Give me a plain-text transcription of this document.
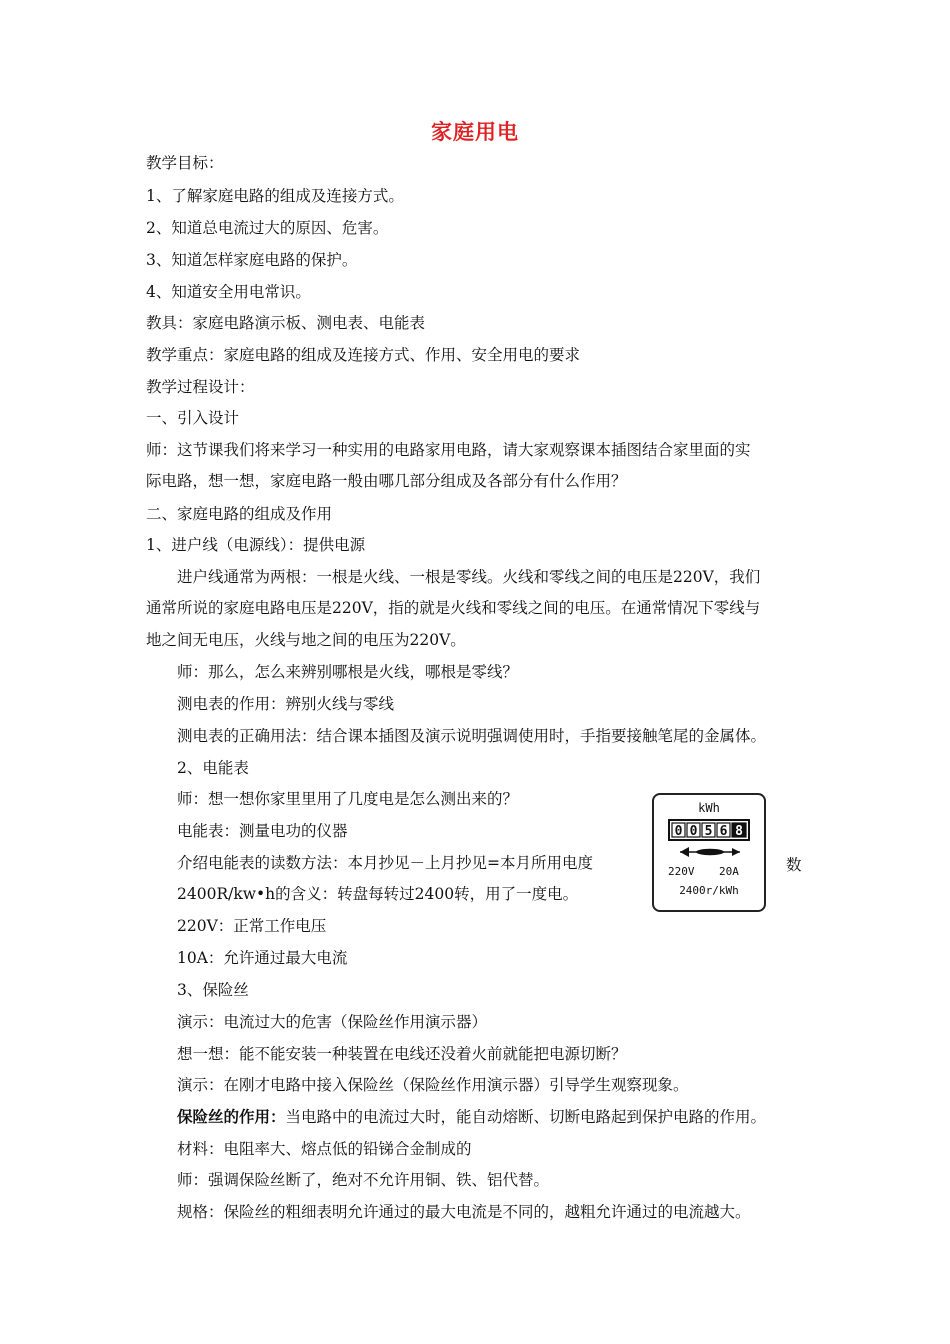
家庭用电
教学目标：
1、了解家庭电路的组成及连接方式。
2、知道总电流过大的原因、危害。
3、知道怎样家庭电路的保护。
4、知道安全用电常识。
教具：家庭电路演示板、测电表、电能表
教学重点：家庭电路的组成及连接方式、作用、安全用电的要求
教学过程设计：
一、引入设计
师：这节课我们将来学习一种实用的电路家用电路，请大家观察课本插图结合家里面的实
际电路，想一想，家庭电路一般由哪几部分组成及各部分有什么作用？
二、家庭电路的组成及作用
1、进户线（电源线）：提供电源
进户线通常为两根：一根是火线、一根是零线。火线和零线之间的电压是220V，我们
通常所说的家庭电路电压是220V，指的就是火线和零线之间的电压。在通常情况下零线与
地之间无电压，火线与地之间的电压为220V。
师：那么，怎么来辨别哪根是火线，哪根是零线？
测电表的作用：辨别火线与零线
测电表的正确用法：结合课本插图及演示说明强调使用时，手指要接触笔尾的金属体。
2、电能表
师：想一想你家里里用了几度电是怎么测出来的？
电能表：测量电功的仪器
介绍电能表的读数方法：本月抄见－上月抄见=本月所用电度	数
2400R/kw•h的含义：转盘每转过2400转，用了一度电。
220V：正常工作电压
10A：允许通过最大电流
3、保险丝
演示：电流过大的危害（保险丝作用演示器）
想一想：能不能安装一种装置在电线还没着火前就能把电源切断？
演示：在刚才电路中接入保险丝（保险丝作用演示器）引导学生观察现象。
保险丝的作用：当电路中的电流过大时，能自动熔断、切断电路起到保护电路的作用。
材料：电阻率大、熔点低的铅锑合金制成的
师：强调保险丝断了，绝对不允许用铜、铁、铝代替。
规格：保险丝的粗细表明允许通过的最大电流是不同的，越粗允许通过的电流越大。
kWh
0 0 5 6 8
220V 20A
2400r/kWh
